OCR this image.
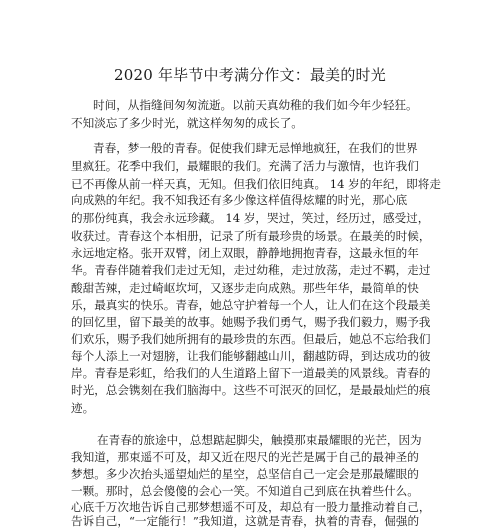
2020 年毕节中考满分作文：最美的时光
时间，从指缝间匆匆流逝。以前天真幼稚的我们如今年少轻狂。
不知淡忘了多少时光，就这样匆匆的成长了。
青春，梦一般的青春。促使我们肆无忌惮地疯狂，在我们的世界
里疯狂。花季中我们，最耀眼的我们。充满了活力与激情，也许我们
已不再像从前一样天真，无知。但我们依旧纯真。 14 岁的年纪，即将走
向成熟的年纪。我不知我还有多少像这样值得炫耀的时光，那心底
的那份纯真，我会永远珍藏。 14 岁，哭过，笑过，经历过，感受过，
收获过。青春这个本相册，记录了所有最珍贵的场景。在最美的时候，
永远地定格。张开双臂，闭上双眼，静静地拥抱青春，这最永恒的年
华。青春伴随着我们走过无知，走过幼稚，走过放荡，走过不羁，走过
酸甜苦辣，走过崎岖坎坷，又逐步走向成熟。那些年华，最简单的快
乐，最真实的快乐。青春，她总守护着每一个人，让人们在这个段最美
的回忆里，留下最美的故事。她赐予我们勇气，赐予我们毅力，赐予我
们欢乐，赐予我们她所拥有的最珍贵的东西。但最后，她总不忘给我们
每个人添上一对翅膀，让我们能够翻越山川，翻越防碍，到达成功的彼
岸。青春是彩虹，给我们的人生道路上留下一道最美的风景线。青春的
时光，总会镌刻在我们脑海中。这些不可泯灭的回忆，是最最灿烂的痕
迹。
在青春的旅途中，总想踮起脚尖，触摸那束最耀眼的光芒，因为
我知道，那束遥不可及，却又近在咫尺的光芒是属于自己的最神圣的
梦想。多少次抬头遥望灿烂的星空，总坚信自己一定会是那最耀眼的
一颗。那时，总会傻傻的会心一笑。不知道自己到底在执着些什么。
心底千万次地告诉自己那梦想遥不可及，却总有一股力量推动着自己，
告诉自己，“一定能行！”我知道，这就是青春，执着的青春，倔强的
